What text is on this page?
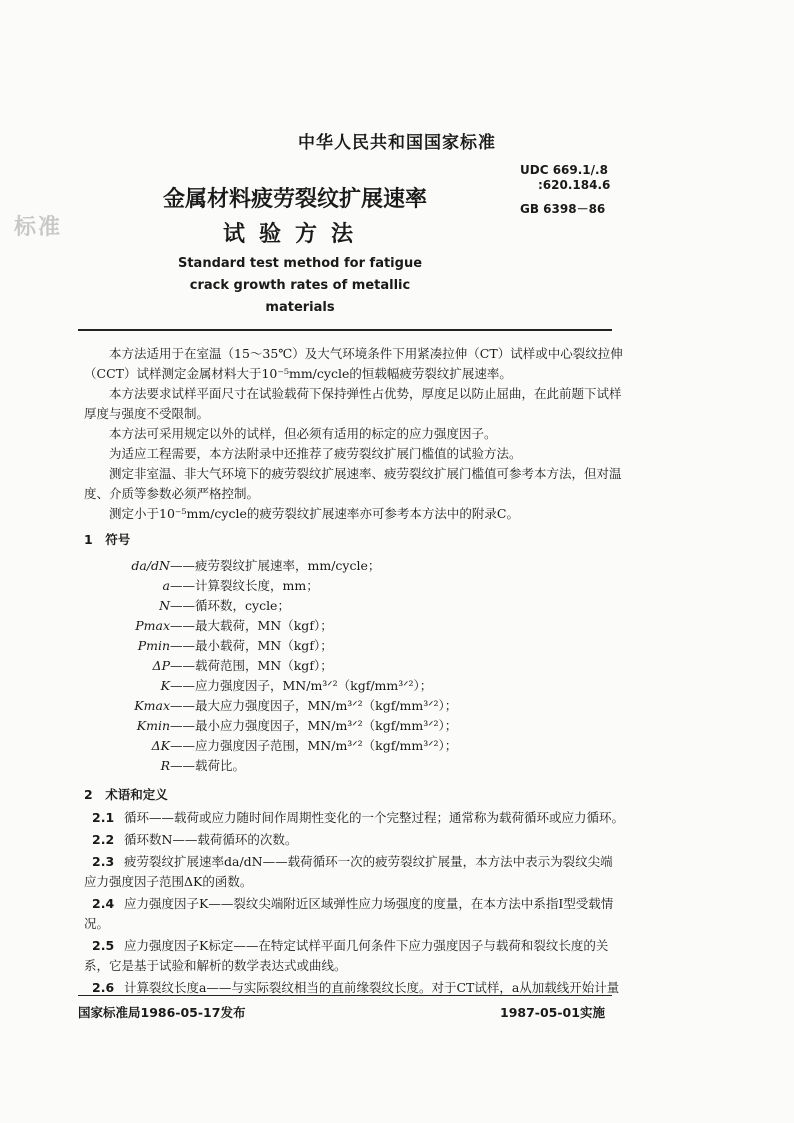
标准
中华人民共和国国家标准
UDC 669.1/.8
:620.184.6
GB 6398－86
金属材料疲劳裂纹扩展速率
试验方法
Standard test method for fatigue
crack growth rates of metallic materials

本方法适用于在室温（15～35℃）及大气环境条件下用紧凑拉伸（CT）试样或中心裂纹拉伸（CCT）试样测定金属材料大于10⁻⁵mm/cycle的恒载幅疲劳裂纹扩展速率。

本方法要求试样平面尺寸在试验载荷下保持弹性占优势，厚度足以防止屈曲，在此前题下试样厚度与强度不受限制。

本方法可采用规定以外的试样，但必须有适用的标定的应力强度因子。

为适应工程需要，本方法附录中还推荐了疲劳裂纹扩展门槛值的试验方法。

测定非室温、非大气环境下的疲劳裂纹扩展速率、疲劳裂纹扩展门槛值可参考本方法，但对温度、介质等参数必须严格控制。

测定小于10⁻⁵mm/cycle的疲劳裂纹扩展速率亦可参考本方法中的附录C。

1　符号
da/dN ——疲劳裂纹扩展速率，mm/cycle；
a ——计算裂纹长度，mm；
N ——循环数，cycle；
Pmax ——最大载荷，MN（kgf）；
Pmin ——最小载荷，MN（kgf）；
ΔP ——载荷范围，MN（kgf）；
K ——应力强度因子，MN/m³ᐟ²（kgf/mm³ᐟ²）；
Kmax ——最大应力强度因子，MN/m³ᐟ²（kgf/mm³ᐟ²）；
Kmin ——最小应力强度因子，MN/m³ᐟ²（kgf/mm³ᐟ²）；
ΔK ——应力强度因子范围，MN/m³ᐟ²（kgf/mm³ᐟ²）；
R ——载荷比。
2　术语和定义
2.1 循环——载荷或应力随时间作周期性变化的一个完整过程；通常称为载荷循环或应力循环。
2.2 循环数N——载荷循环的次数。
2.3 疲劳裂纹扩展速率da/dN——载荷循环一次的疲劳裂纹扩展量，本方法中表示为裂纹尖端应力强度因子范围ΔK的函数。
2.4 应力强度因子K——裂纹尖端附近区域弹性应力场强度的度量，在本方法中系指Ⅰ型受载情况。
2.5 应力强度因子K标定——在特定试样平面几何条件下应力强度因子与载荷和裂纹长度的关系，它是基于试验和解析的数学表达式或曲线。
2.6 计算裂纹长度a——与实际裂纹相当的直前缘裂纹长度。对于CT试样，a从加载线开始计量
国家标准局1986-05-17发布	1987-05-01实施
